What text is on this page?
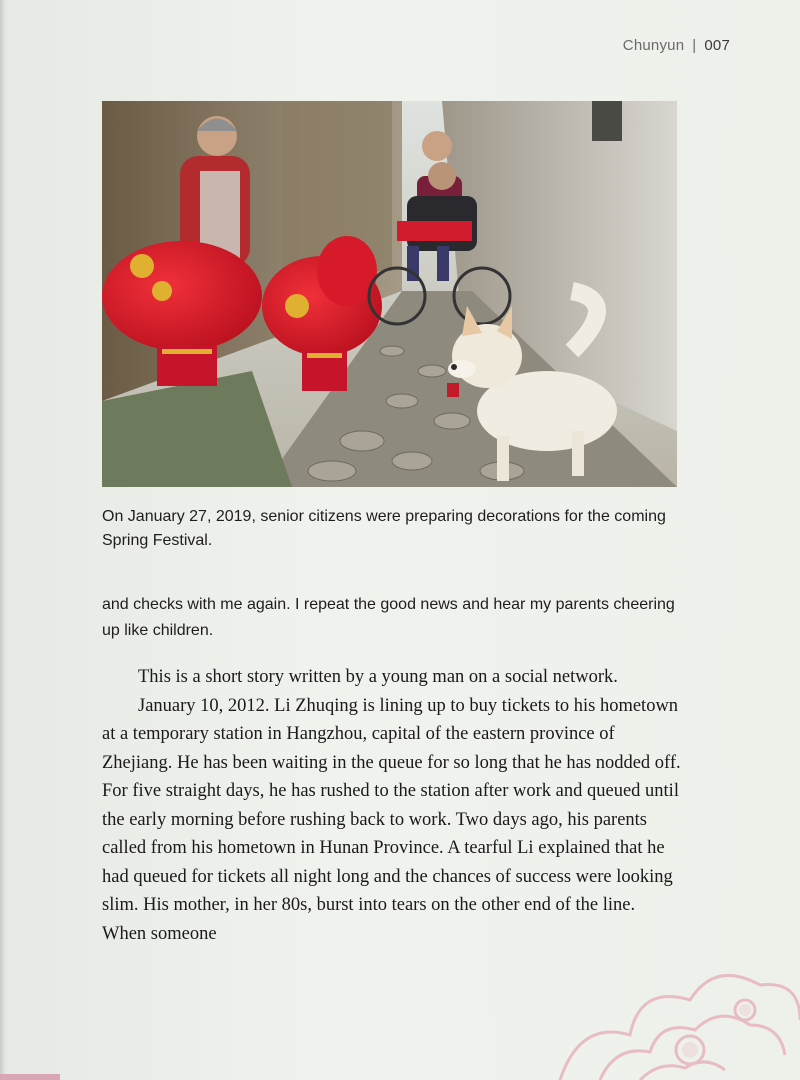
Chunyun | 007
On January 27, 2019, senior citizens were preparing decorations for the coming Spring Festival.
and checks with me again. I repeat the good news and hear my parents cheering up like children.

This is a short story written by a young man on a social network.

January 10, 2012. Li Zhuqing is lining up to buy tickets to his hometown at a temporary station in Hangzhou, capital of the eastern province of Zhejiang. He has been waiting in the queue for so long that he has nodded off. For five straight days, he has rushed to the station after work and queued until the early morning before rushing back to work. Two days ago, his parents called from his hometown in Hunan Province. A tearful Li explained that he had queued for tickets all night long and the chances of success were looking slim. His mother, in her 80s, burst into tears on the other end of the line. When someone
